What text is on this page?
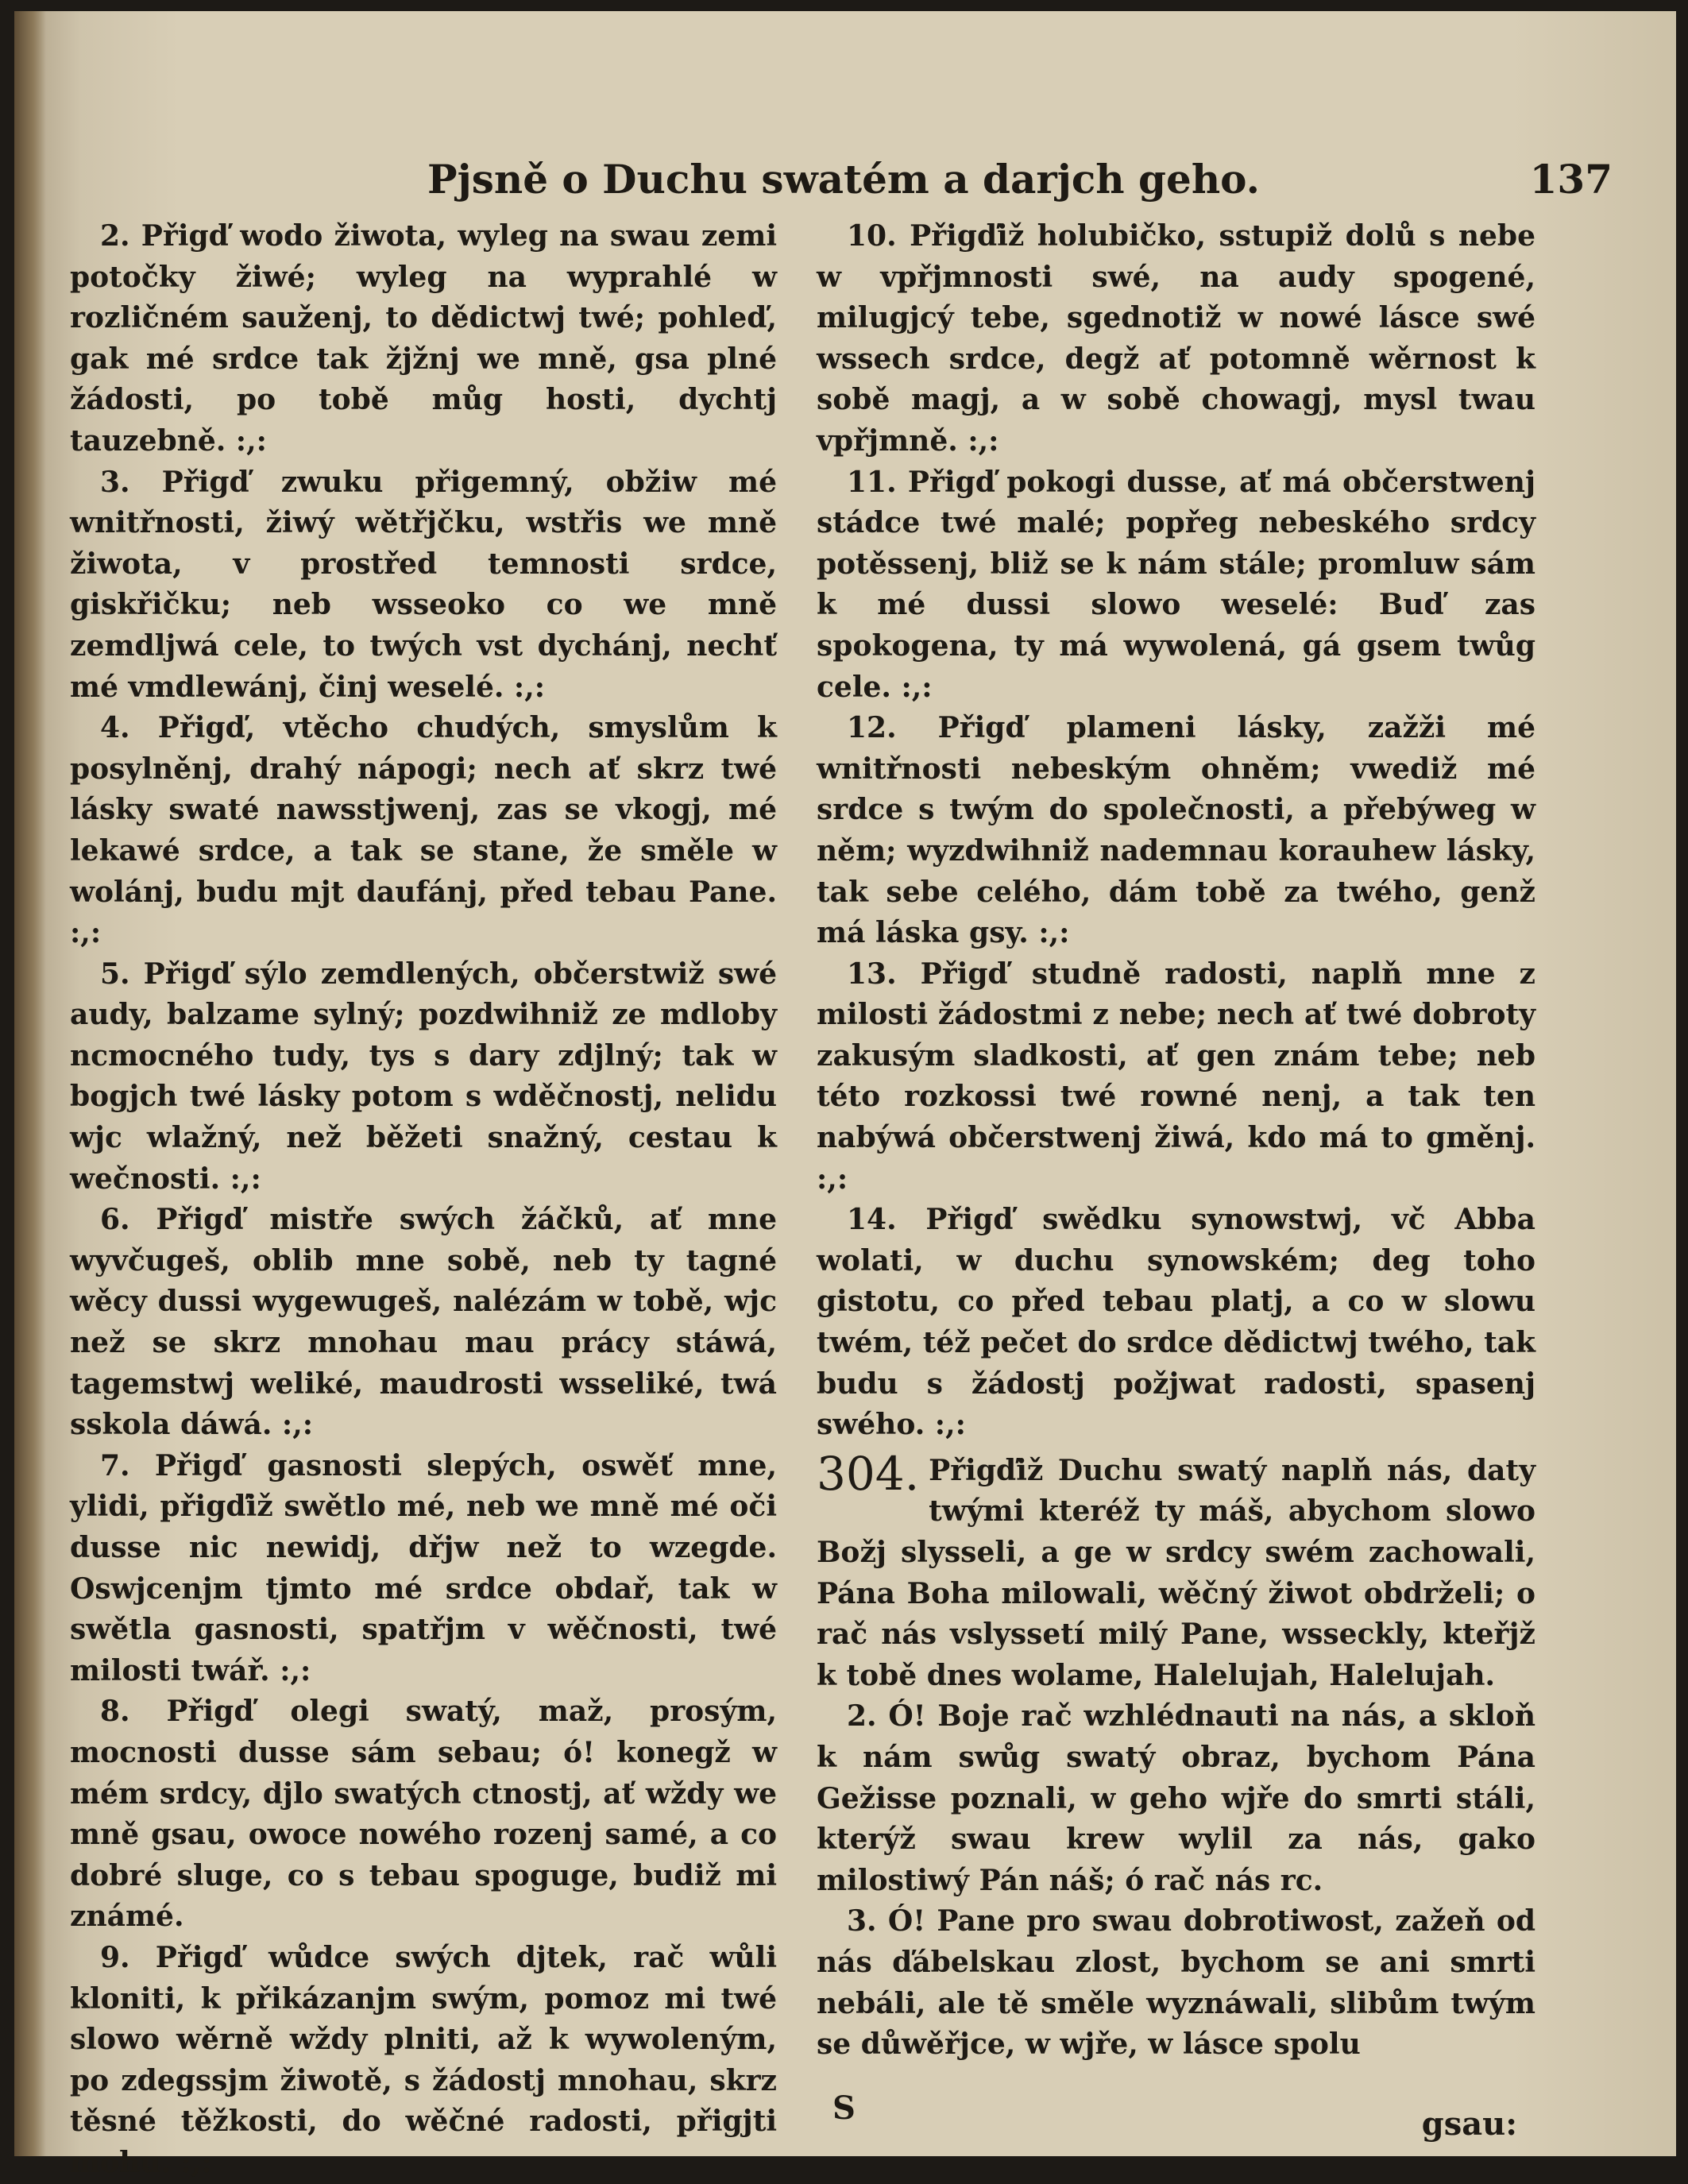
Pjsně o Duchu swatém a darjch geho.	137

2. Přigď wodo žiwota, wyleg na swau zemi potočky žiwé; wyleg na wyprahlé w rozličném sauženj, to dědictwj twé; pohleď, gak mé srdce tak žjžnj we mně, gsa plné žádosti, po tobě můg hosti, dychtj tauzebně. :,:

3. Přigď zwuku přigemný, obžiw mé wnitřnosti, žiwý wětřjčku, wstřis we mně žiwota, v prostřed temnosti srdce, giskřičku; neb wsseoko co we mně zemdljwá cele, to twých vst dychánj, nechť mé vmdlewánj, činj weselé. :,:

4. Přigď, vtěcho chudých, smyslům k posylněnj, drahý nápogi; nech ať skrz twé lásky swaté nawsstjwenj, zas se vkogj, mé lekawé srdce, a tak se stane, že směle w wolánj, budu mjt daufánj, před tebau Pane. :,:

5. Přigď sýlo zemdlených, občerstwiž swé audy, balzame sylný; pozdwihniž ze mdloby ncmocného tudy, tys s dary zdjlný; tak w bogjch twé lásky potom s wděčnostj, nelidu wjc wlažný, než běžeti snažný, cestau k wečnosti. :,:

6. Přigď mistře swých žáčků, ať mne wyvčugeš, oblib mne sobě, neb ty tagné wěcy dussi wygewugeš, nalézám w tobě, wjc než se skrz mnohau mau prácy stáwá, tagemstwj weliké, maudrosti wsseliké, twá sskola dáwá. :,:

7. Přigď gasnosti slepých, oswěť mne, ylidi, přigďiž swětlo mé, neb we mně mé oči dusse nic newidj, dřjw než to wzegde. Oswjcenjm tjmto mé srdce obdař, tak w swětla gasnosti, spatřjm v wěčnosti, twé milosti twář. :,:

8. Přigď olegi swatý, maž, prosým, mocnosti dusse sám sebau; ó! konegž w mém srdcy, djlo swatých ctnostj, ať wždy we mně gsau, owoce nowého rozenj samé, a co dobré sluge, co s tebau spoguge, budiž mi známé.

9. Přigď wůdce swých djtek, rač wůli kloniti, k přikázanjm swým, pomoz mi twé slowo wěrně wždy plniti, až k wywoleným, po zdegssjm žiwotě, s žádostj mnohau, skrz těsné těžkosti, do wěčné radosti, přigjti mohu. :,:

10. Přigďiž holubičko, sstupiž dolů s nebe w vpřjmnosti swé, na audy spogené, milugjcý tebe, sgednotiž w nowé lásce swé wssech srdce, degž ať potomně wěrnost k sobě magj, a w sobě chowagj, mysl twau vpřjmně. :,:

11. Přigď pokogi dusse, ať má občerstwenj stádce twé malé; popřeg nebeského srdcy potěssenj, bliž se k nám stále; promluw sám k mé dussi slowo weselé: Buď zas spokogena, ty má wywolená, gá gsem twůg cele. :,:

12. Přigď plameni lásky, zažži mé wnitřnosti nebeským ohněm; vwediž mé srdce s twým do společnosti, a přebýweg w něm; wyzdwihniž nademnau korauhew lásky, tak sebe celého, dám tobě za twého, genž má láska gsy. :,:

13. Přigď studně radosti, naplň mne z milosti žádostmi z nebe; nech ať twé dobroty zakusým sladkosti, ať gen znám tebe; neb této rozkossi twé rowné nenj, a tak ten nabýwá občerstwenj žiwá, kdo má to gměnj. :,:

14. Přigď swědku synowstwj, vč Abba wolati, w duchu synowském; deg toho gistotu, co před tebau platj, a co w slowu twém, též pečet do srdce dědictwj twého, tak budu s žádostj požjwat radosti, spasenj swého. :,:

304. Přigďiž Duchu swatý naplň nás, daty twými kteréž ty máš, abychom slowo Božj slysseli, a ge w srdcy swém zachowali, Pána Boha milowali, wěčný žiwot obdrželi; o rač nás vslyssetí milý Pane, wsseckly, kteřjž k tobě dnes wolame, Halelujah, Halelujah.

2. Ó! Boje rač wzhlédnauti na nás, a skloň k nám swůg swatý obraz, bychom Pána Gežisse poznali, w geho wjře do smrti stáli, kterýž swau krew wylil za nás, gako milostiwý Pán náš; ó rač nás rc.

3. Ó! Pane pro swau dobrotiwost, zažeň od nás ďábelskau zlost, bychom se ani smrti nebáli, ale tě směle wyznáwali, slibům twým se důwěřjce, w wjře, w lásce spolu

S	gsau:
